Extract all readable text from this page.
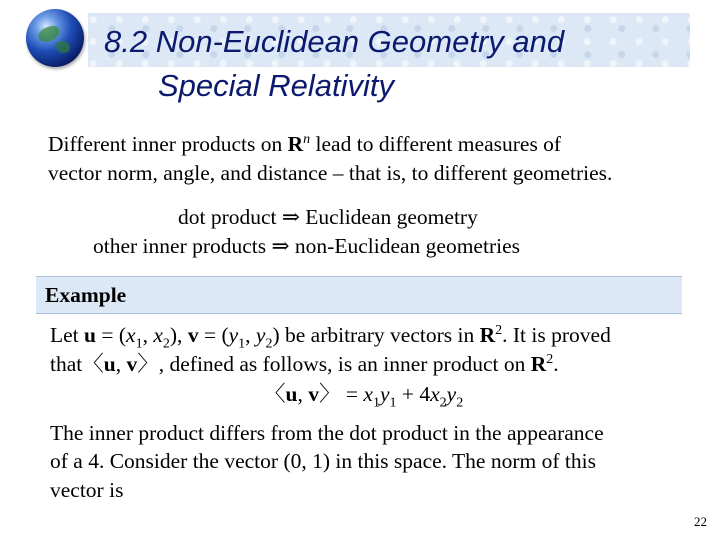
8.2 Non-Euclidean Geometry and
Special Relativity
Different inner products on $R^n$ lead to different measures of
vector norm, angle, and distance – that is, to different geometries.
dot product ⇒ Euclidean geometry
other inner products ⇒ non-Euclidean geometries
Example
Let $u = (x_1$, $x_2$), $v = (y_1$, $y_2$) be arbitrary vectors in $R^2$. It is proved
that〈u, v〉, defined as follows, is an inner product on $R^2$.
〈u, v〉 = $x_1y_1 + 4x_2y_2$
The inner product differs from the dot product in the appearance
of a 4. Consider the vector (0, 1) in this space. The norm of this
vector is
22
